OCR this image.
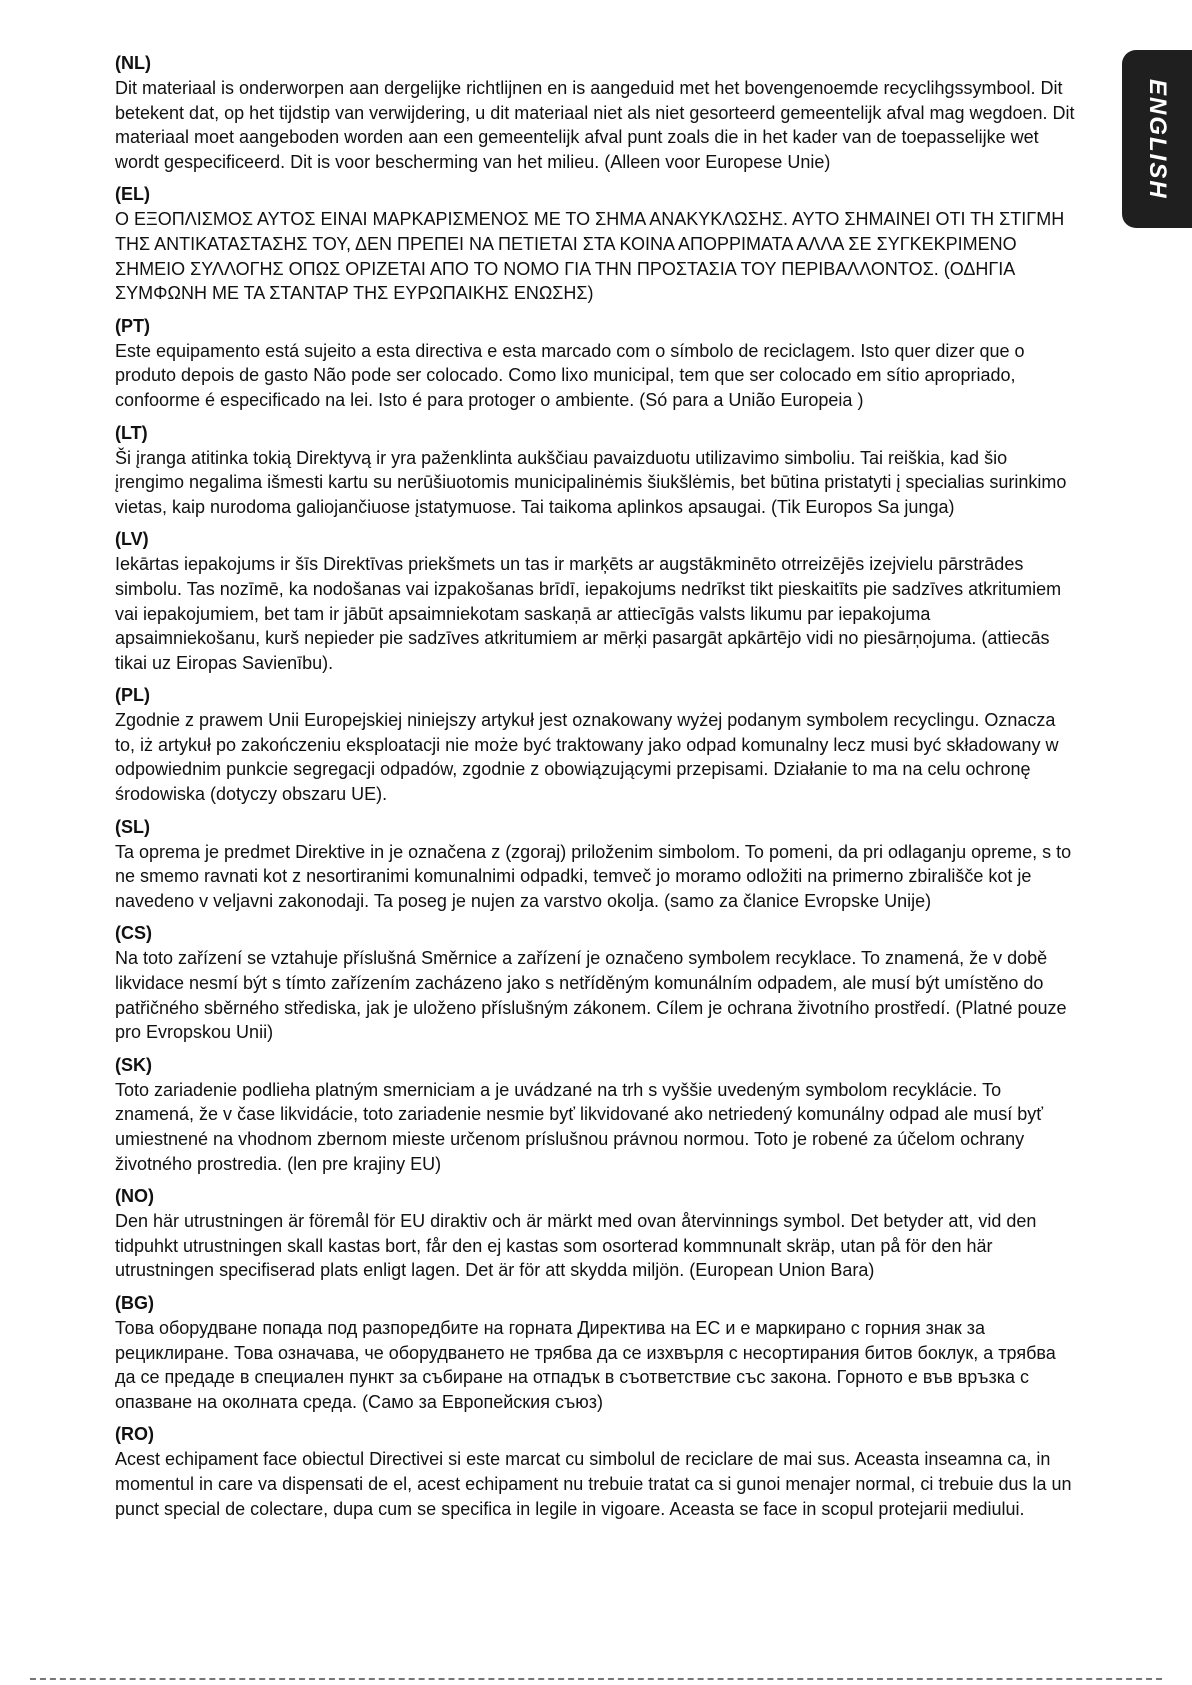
ENGLISH
(NL)

Dit materiaal is onderworpen aan dergelijke richtlijnen en is aangeduid met het bovengenoemde recyclihgssymbool. Dit betekent dat, op het tijdstip van verwijdering, u dit materiaal niet als niet gesorteerd gemeentelijk afval mag wegdoen. Dit materiaal moet aangeboden worden aan een gemeentelijk afval punt zoals die in het kader van de toepasselijke wet wordt gespecificeerd. Dit is voor bescherming van het milieu. (Alleen voor Europese Unie)

(EL)

Ο ΕΞΟΠΛΙΣΜΟΣ ΑΥΤΟΣ ΕΙΝΑΙ ΜΑΡΚΑΡΙΣΜΕΝΟΣ ΜΕ ΤΟ ΣΗΜΑ ΑΝΑΚΥΚΛΩΣΗΣ. ΑΥΤΟ ΣΗΜΑΙΝΕΙ ΟΤΙ ΤΗ ΣΤΙΓΜΗ ΤΗΣ ΑΝΤΙΚΑΤΑΣΤΑΣΗΣ ΤΟΥ, ΔΕΝ ΠΡΕΠΕΙ ΝΑ ΠΕΤΙΕΤΑΙ ΣΤΑ ΚΟΙΝΑ ΑΠΟΡΡΙΜΑΤΑ ΑΛΛΑ ΣΕ ΣΥΓΚΕΚΡΙΜΕΝΟ ΣΗΜΕΙΟ ΣΥΛΛΟΓΗΣ ΟΠΩΣ ΟΡΙΖΕΤΑΙ ΑΠΟ ΤΟ ΝΟΜΟ ΓΙΑ ΤΗΝ ΠΡΟΣΤΑΣΙΑ ΤΟΥ ΠΕΡΙΒΑΛΛΟΝΤΟΣ. (ΟΔΗΓΙΑ ΣΥΜΦΩΝΗ ΜΕ ΤΑ ΣΤΑΝΤΑΡ ΤΗΣ ΕΥΡΩΠΑΙΚΗΣ ΕΝΩΣΗΣ)

(PT)

Este equipamento está sujeito a esta directiva e esta marcado com o símbolo de reciclagem. Isto quer dizer que o produto depois de gasto Não pode ser colocado. Como lixo municipal, tem que ser colocado em sítio apropriado, confoorme é especificado na lei. Isto é para protoger o ambiente. (Só para a União Europeia )

(LT)

Ši įranga atitinka tokią Direktyvą ir yra paženklinta aukščiau pavaizduotu utilizavimo simboliu. Tai reiškia, kad šio įrengimo negalima išmesti kartu su nerūšiuotomis municipalinėmis šiukšlėmis, bet būtina pristatyti į specialias surinkimo vietas, kaip nurodoma galiojančiuose įstatymuose. Tai taikoma aplinkos apsaugai. (Tik Europos Sa junga)

(LV)

Iekārtas iepakojums ir šīs Direktīvas priekšmets un tas ir marķēts ar augstākminēto otrreizējēs izejvielu pārstrādes simbolu. Tas nozīmē, ka nodošanas vai izpakošanas brīdī, iepakojums nedrīkst tikt pieskaitīts pie sadzīves atkritumiem vai iepakojumiem, bet tam ir jābūt apsaimniekotam saskaņā ar attiecīgās valsts likumu par iepakojuma apsaimniekošanu, kurš nepieder pie sadzīves atkritumiem ar mērķi pasargāt apkārtējo vidi no piesārņojuma. (attiecās tikai uz Eiropas Savienību).

(PL)

Zgodnie z prawem Unii Europejskiej niniejszy artykuł jest oznakowany wyżej podanym symbolem recyclingu. Oznacza to, iż artykuł po zakończeniu eksploatacji nie może być traktowany jako odpad komunalny lecz musi być składowany w odpowiednim punkcie segregacji odpadów, zgodnie z obowiązującymi przepisami. Działanie to ma na celu ochronę środowiska (dotyczy obszaru UE).

(SL)

Ta oprema je predmet Direktive in je označena z (zgoraj) priloženim simbolom. To pomeni, da pri odlaganju opreme, s to ne smemo ravnati kot z nesortiranimi komunalnimi odpadki, temveč jo moramo odložiti na primerno zbirališče kot je navedeno v veljavni zakonodaji. Ta poseg je nujen za varstvo okolja. (samo za članice Evropske Unije)

(CS)

Na toto zařízení se vztahuje příslušná Směrnice a zařízení je označeno symbolem recyklace. To znamená, že v době likvidace nesmí být s tímto zařízením zacházeno jako s netříděným komunálním odpadem, ale musí být umístěno do patřičného sběrného střediska, jak je uloženo příslušným zákonem. Cílem je ochrana životního prostředí. (Platné pouze pro Evropskou Unii)

(SK)

Toto zariadenie podlieha platným smerniciam a je uvádzané na trh s vyššie uvedeným symbolom recyklácie. To znamená, že v čase likvidácie, toto zariadenie nesmie byť likvidované ako netriedený komunálny odpad ale musí byť umiestnené na vhodnom zbernom mieste určenom príslušnou právnou normou. Toto je robené za účelom ochrany životného prostredia. (len pre krajiny EU)

(NO)

Den här utrustningen är föremål för EU diraktiv och är märkt med ovan återvinnings symbol. Det betyder att, vid den tidpuhkt utrustningen skall kastas bort, får den ej kastas som osorterad kommnunalt skräp, utan på för den här utrustningen specifiserad plats enligt lagen. Det är för att skydda miljön. (European Union Bara)

(BG)

Това оборудване попада под разпоредбите на горната Директива на ЕС и е маркирано с горния знак за рециклиране. Това означава, че оборудването не трябва да се изхвърля с несортирания битов боклук, а трябва да се предаде в специален пункт за събиране на отпадък в съответствие със закона. Горното е във връзка с опазване на околната среда. (Само за Европейския съюз)

(RO)

Acest echipament face obiectul Directivei si este marcat cu simbolul de reciclare de mai sus. Aceasta inseamna ca, in momentul in care va dispensati de el, acest echipament nu trebuie tratat ca si gunoi menajer normal, ci trebuie dus la un punct special de colectare, dupa cum se specifica in legile in vigoare. Aceasta se face in scopul protejarii mediului.
